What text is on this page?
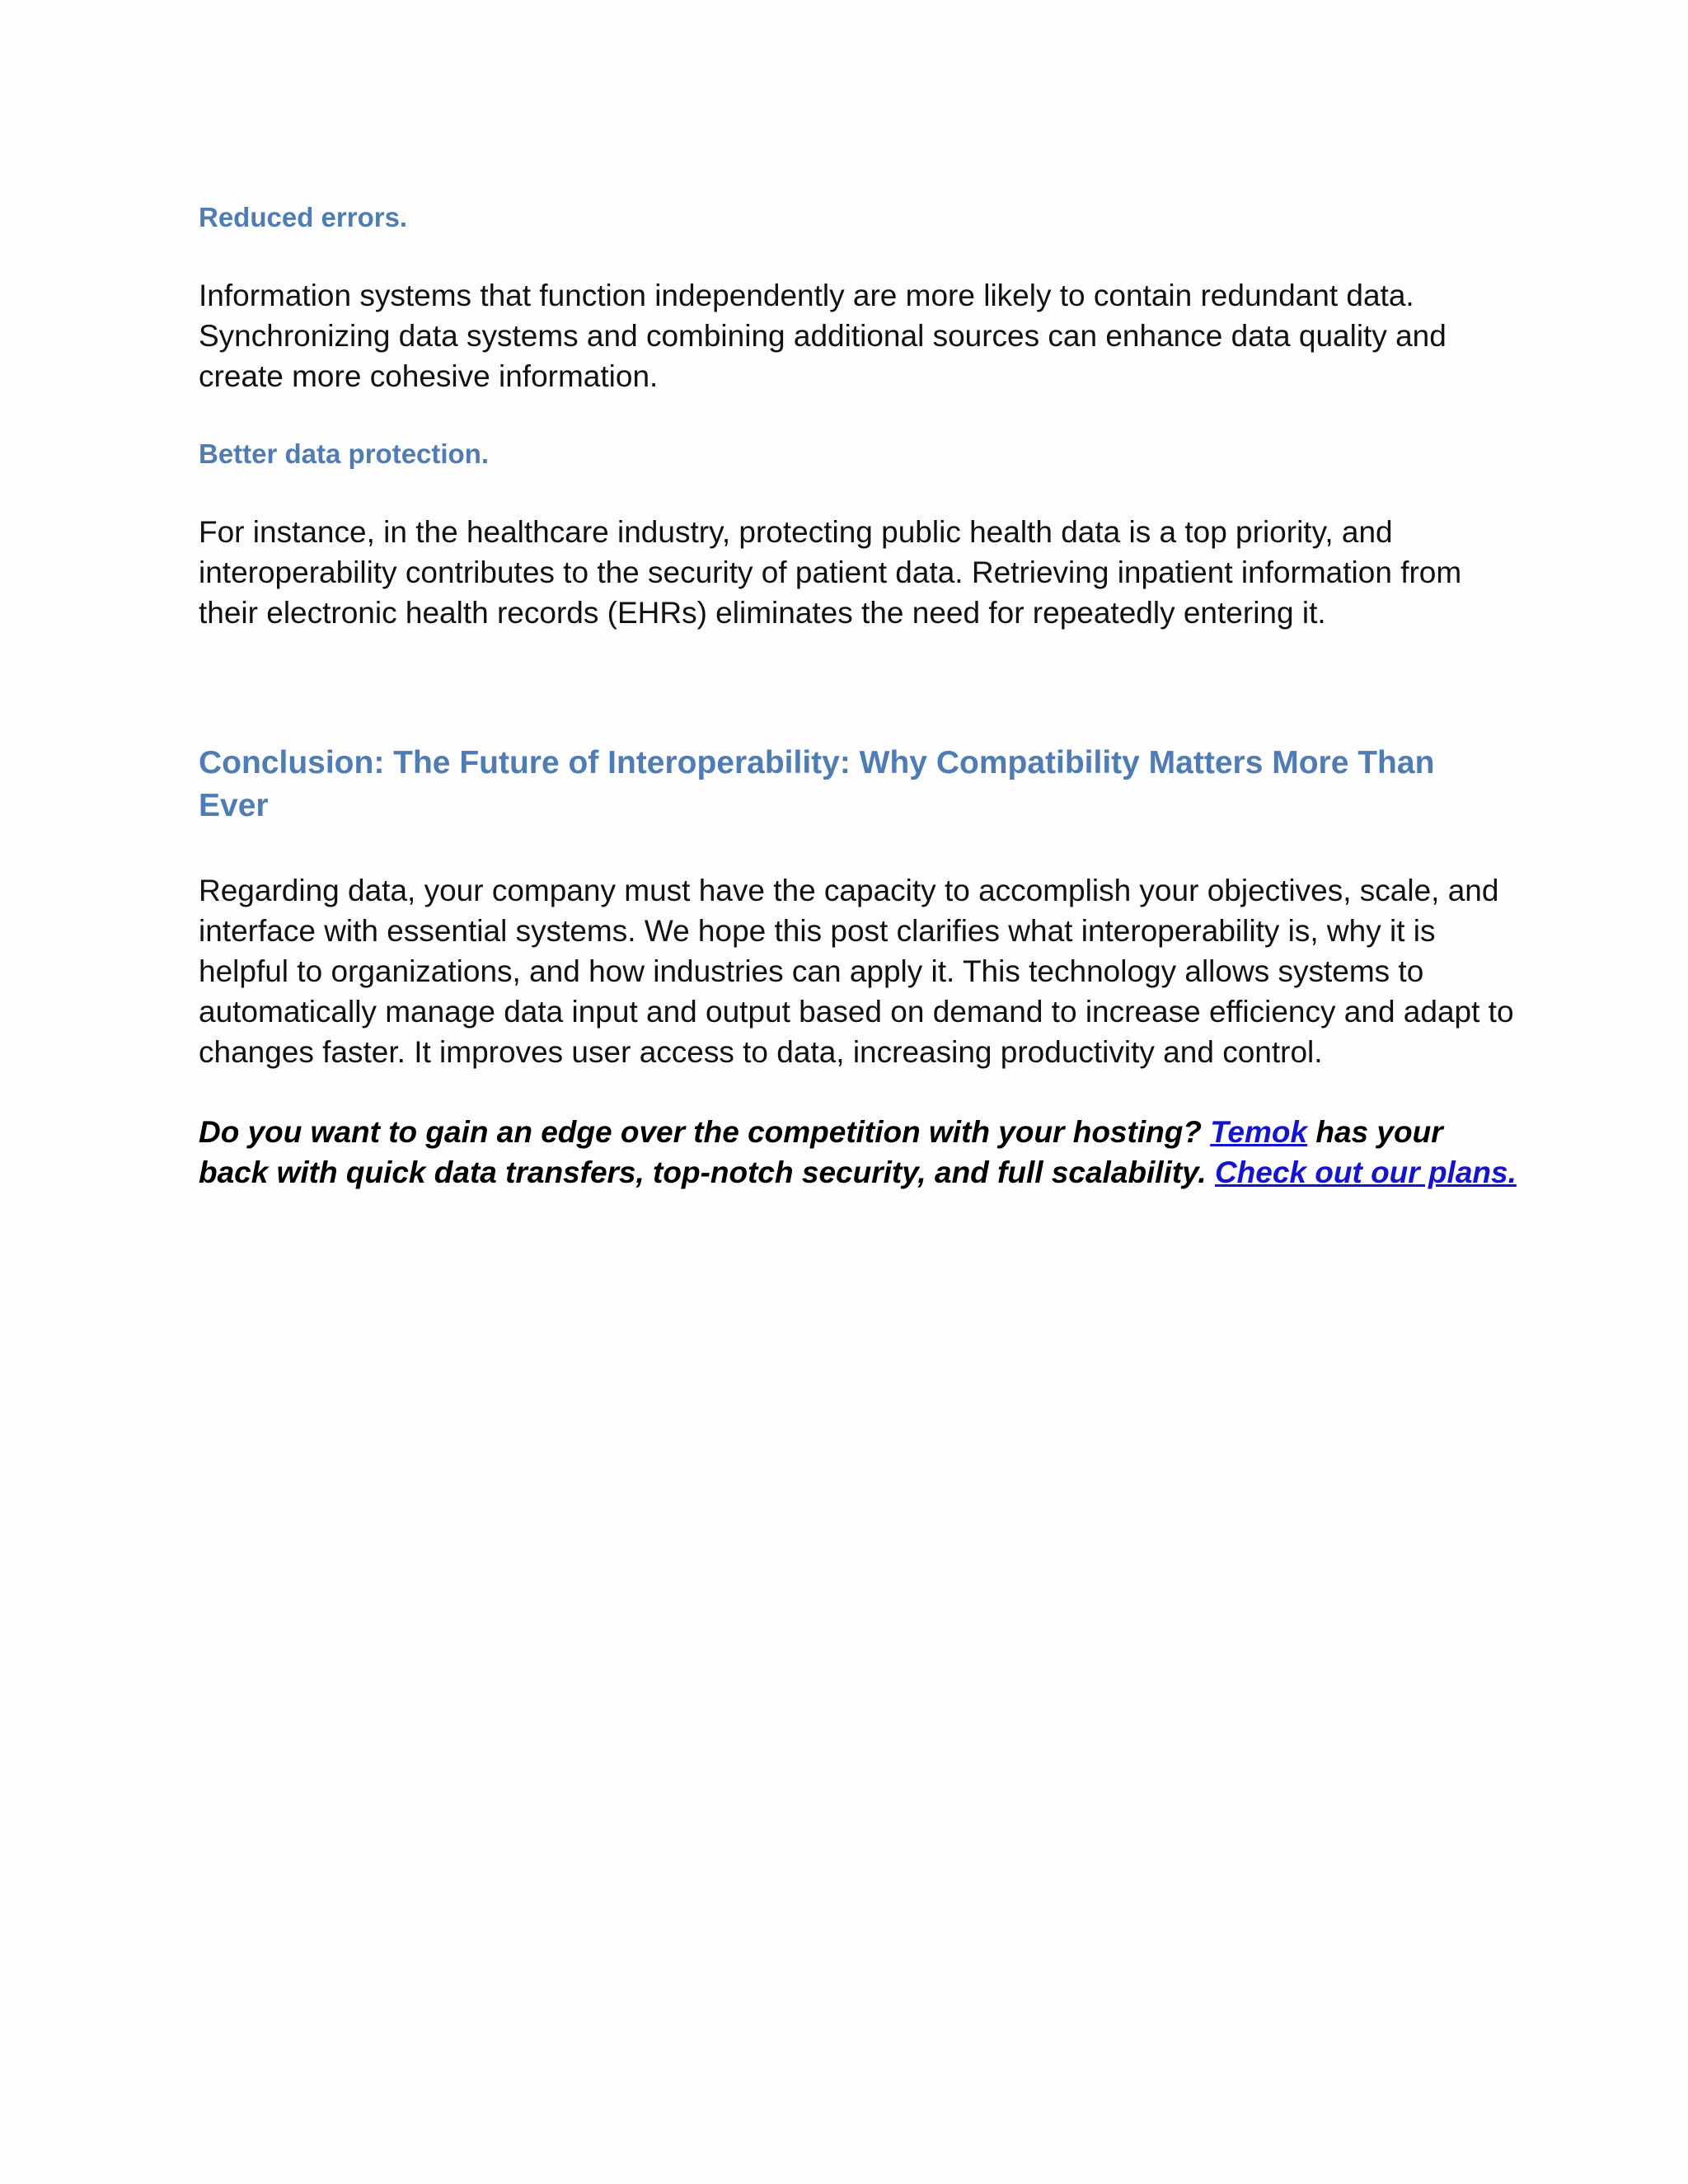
Reduced errors.

Information systems that function independently are more likely to contain redundant data. Synchronizing data systems and combining additional sources can enhance data quality and create more cohesive information.

Better data protection.

For instance, in the healthcare industry, protecting public health data is a top priority, and interoperability contributes to the security of patient data. Retrieving inpatient information from their electronic health records (EHRs) eliminates the need for repeatedly entering it.

Conclusion: The Future of Interoperability: Why Compatibility Matters More Than Ever

Regarding data, your company must have the capacity to accomplish your objectives, scale, and interface with essential systems. We hope this post clarifies what interoperability is, why it is helpful to organizations, and how industries can apply it. This technology allows systems to automatically manage data input and output based on demand to increase efficiency and adapt to changes faster. It improves user access to data, increasing productivity and control.

Do you want to gain an edge over the competition with your hosting? Temok has your back with quick data transfers, top-notch security, and full scalability. Check out our plans.
